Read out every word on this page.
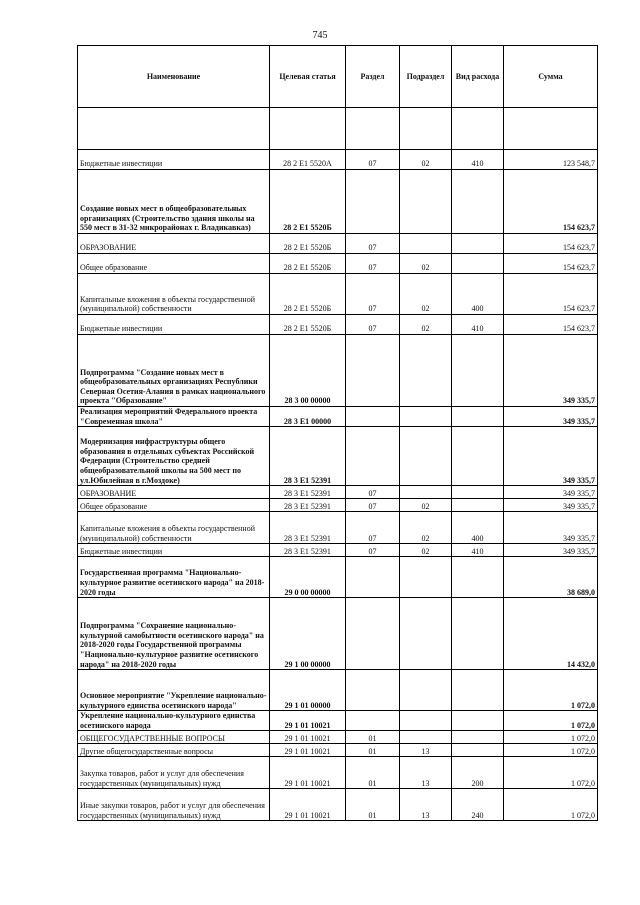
745
Наименование	Целевая статья	Раздел	Подраздел	Вид расхода	Сумма

Бюджетные инвестиции	28 2 Е1 5520А	07	02	410	123 548,7
Создание новых мест в общеобразовательных организациях (Строительство здания школы на 550 мест в 31-32 микрорайонах г. Владикавказ)	28 2 Е1 5520Б				154 623,7
ОБРАЗОВАНИЕ	28 2 Е1 5520Б	07			154 623,7
Общее образование	28 2 Е1 5520Б	07	02		154 623,7
Капитальные вложения в объекты государственной (муниципальной) собственности	28 2 Е1 5520Б	07	02	400	154 623,7
Бюджетные инвестиции	28 2 Е1 5520Б	07	02	410	154 623,7
Подпрограмма "Создание новых мест в общеобразовательных организациях Республики Северная Осетия-Алания в рамках национального проекта "Образование"	28 3 00 00000				349 335,7
Реализация мероприятий Федерального проекта "Современная школа"	28 3 Е1 00000				349 335,7
Модернизация инфраструктуры общего образования в отдельных субъектах Российской Федерации (Строительство средней общеобразовательной школы на 500 мест по ул.Юбилейная в г.Моздоке)	28 3 Е1 52391				349 335,7
ОБРАЗОВАНИЕ	28 3 Е1 52391	07			349 335,7
Общее образование	28 3 Е1 52391	07	02		349 335,7
Капитальные вложения в объекты государственной (муниципальной) собственности	28 3 Е1 52391	07	02	400	349 335,7
Бюджетные инвестиции	28 3 Е1 52391	07	02	410	349 335,7
Государственная программа "Национально-культурное развитие осетинского народа" на 2018-2020 годы	29 0 00 00000				38 689,0
Подпрограмма "Сохранение национально-культурной самобытности осетинского народа" на 2018-2020 годы Государственной программы "Национально-культурное развитие осетинского народа" на 2018-2020 годы	29 1 00 00000				14 432,0
Основное мероприятие "Укрепление национально-культурного единства осетинского народа"	29 1 01 00000				1 072,0
Укрепление национально-культурного единства осетинского народа	29 1 01 10021				1 072,0
ОБЩЕГОСУДАРСТВЕННЫЕ ВОПРОСЫ	29 1 01 10021	01			1 072,0
Другие общегосударственные вопросы	29 1 01 10021	01	13		1 072,0
Закупка товаров, работ и услуг для обеспечения государственных (муниципальных) нужд	29 1 01 10021	01	13	200	1 072,0
Иные закупки товаров, работ и услуг для обеспечения государственных (муниципальных) нужд	29 1 01 10021	01	13	240	1 072,0
